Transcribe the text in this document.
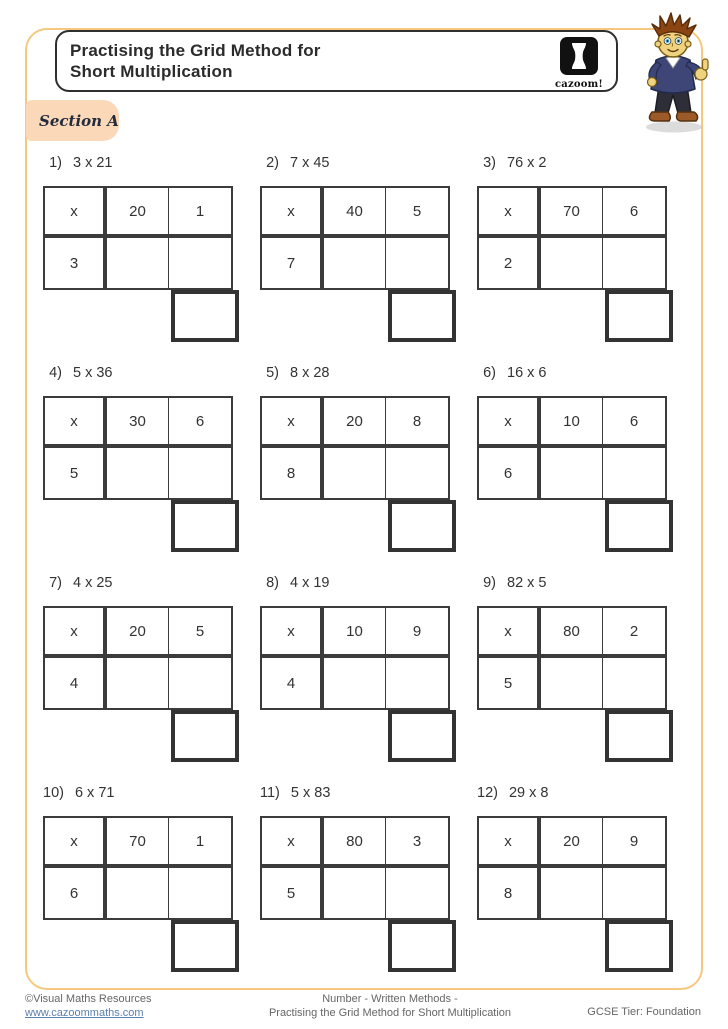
Practising the Grid Method for
Short Multiplication
cazoom!
Section A
1) 3 x 21
x	20	1
3
2) 7 x 45
x	40	5
7
3) 76 x 2
x	70	6
2
4) 5 x 36
x	30	6
5
5) 8 x 28
x	20	8
8
6) 16 x 6
x	10	6
6
7) 4 x 25
x	20	5
4
8) 4 x 19
x	10	9
4
9) 82 x 5
x	80	2
5
10) 6 x 71
x	70	1
6
11) 5 x 83
x	80	3
5
12) 29 x 8
x	20	9
8
©Visual Maths Resources
www.cazoommaths.com
Number - Written Methods -
Practising the Grid Method for Short Multiplication	GCSE Tier: Foundation
